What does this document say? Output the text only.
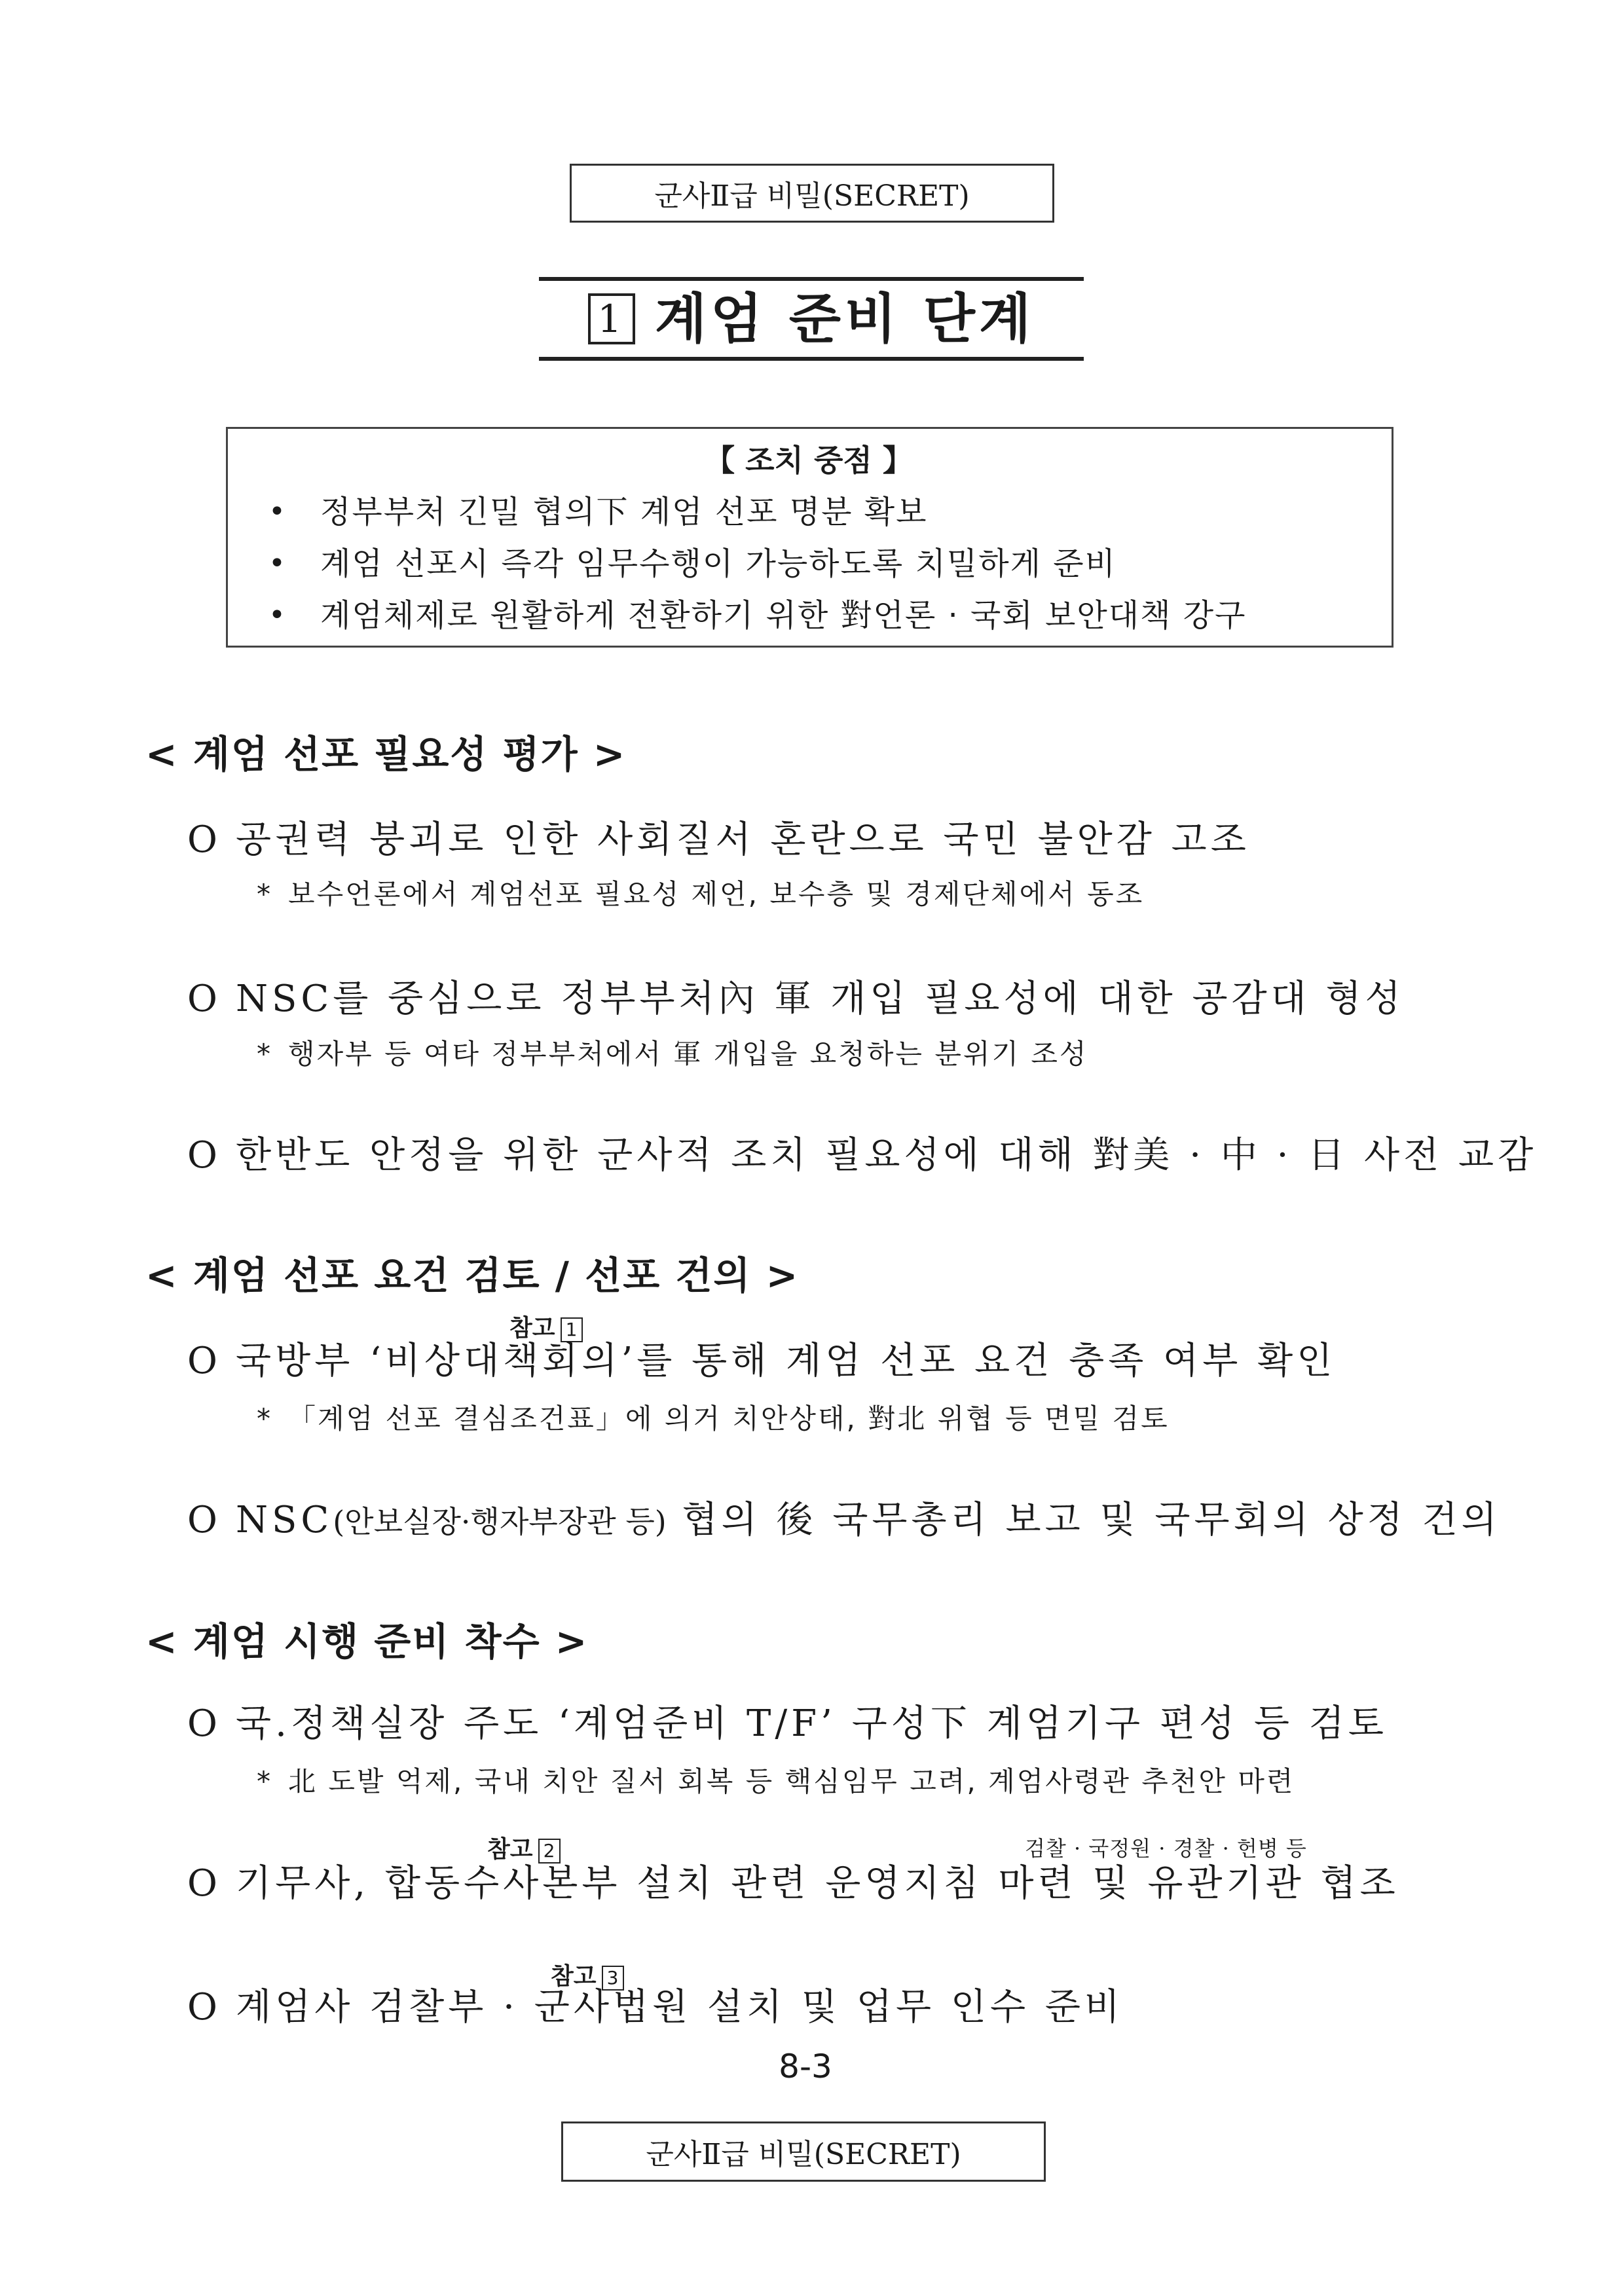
군사Ⅱ급 비밀(SECRET)
1 계엄 준비 단계
【 조치 중점 】
• 정부부처 긴밀 협의下 계엄 선포 명분 확보
• 계엄 선포시 즉각 임무수행이 가능하도록 치밀하게 준비
• 계엄체제로 원활하게 전환하기 위한 對언론 · 국회 보안대책 강구
< 계엄 선포 필요성 평가 >
O 공권력 붕괴로 인한 사회질서 혼란으로 국민 불안감 고조
* 보수언론에서 계엄선포 필요성 제언, 보수층 및 경제단체에서 동조
O NSC를 중심으로 정부부처內 軍 개입 필요성에 대한 공감대 형성
* 행자부 등 여타 정부부처에서 軍 개입을 요청하는 분위기 조성
O 한반도 안정을 위한 군사적 조치 필요성에 대해 對美 · 中 · 日 사전 교감
< 계엄 선포 요건 검토 / 선포 건의 >
참고 1
O 국방부 ‘비상대책회의’를 통해 계엄 선포 요건 충족 여부 확인
* 「계엄 선포 결심조건표」에 의거 치안상태, 對北 위협 등 면밀 검토
O NSC(안보실장·행자부장관 등) 협의 後 국무총리 보고 및 국무회의 상정 건의
< 계엄 시행 준비 착수 >
O 국.정책실장 주도 ‘계엄준비 T/F’ 구성下 계엄기구 편성 등 검토
* 北 도발 억제, 국내 치안 질서 회복 등 핵심임무 고려, 계엄사령관 추천안 마련
참고 2	검찰 · 국정원 · 경찰 · 헌병 등
O 기무사, 합동수사본부 설치 관련 운영지침 마련 및 유관기관 협조
참고 3
O 계엄사 검찰부 · 군사법원 설치 및 업무 인수 준비
8-3
군사Ⅱ급 비밀(SECRET)
